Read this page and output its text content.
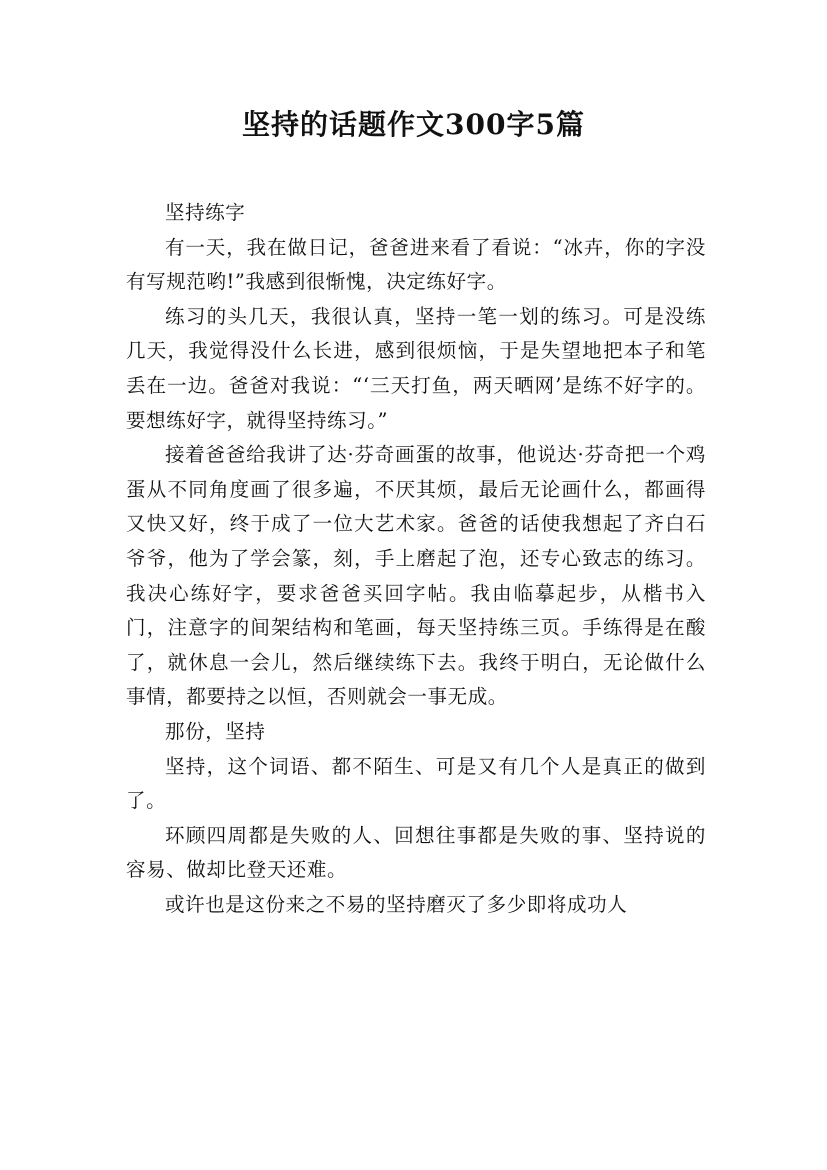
坚持的话题作文300字5篇

坚持练字

有一天，我在做日记，爸爸进来看了看说：“冰卉，你的字没有写规范哟!”我感到很惭愧，决定练好字。

练习的头几天，我很认真，坚持一笔一划的练习。可是没练几天，我觉得没什么长进，感到很烦恼，于是失望地把本子和笔丢在一边。爸爸对我说：“‘三天打鱼，两天晒网’是练不好字的。要想练好字，就得坚持练习。”

接着爸爸给我讲了达·芬奇画蛋的故事，他说达·芬奇把一个鸡蛋从不同角度画了很多遍，不厌其烦，最后无论画什么，都画得又快又好，终于成了一位大艺术家。爸爸的话使我想起了齐白石爷爷，他为了学会篆，刻，手上磨起了泡，还专心致志的练习。我决心练好字，要求爸爸买回字帖。我由临摹起步，从楷书入门，注意字的间架结构和笔画，每天坚持练三页。手练得是在酸了，就休息一会儿，然后继续练下去。我终于明白，无论做什么事情，都要持之以恒，否则就会一事无成。

那份，坚持

坚持，这个词语、都不陌生、可是又有几个人是真正的做到了。

环顾四周都是失败的人、回想往事都是失败的事、坚持说的容易、做却比登天还难。

或许也是这份来之不易的坚持磨灭了多少即将成功人
